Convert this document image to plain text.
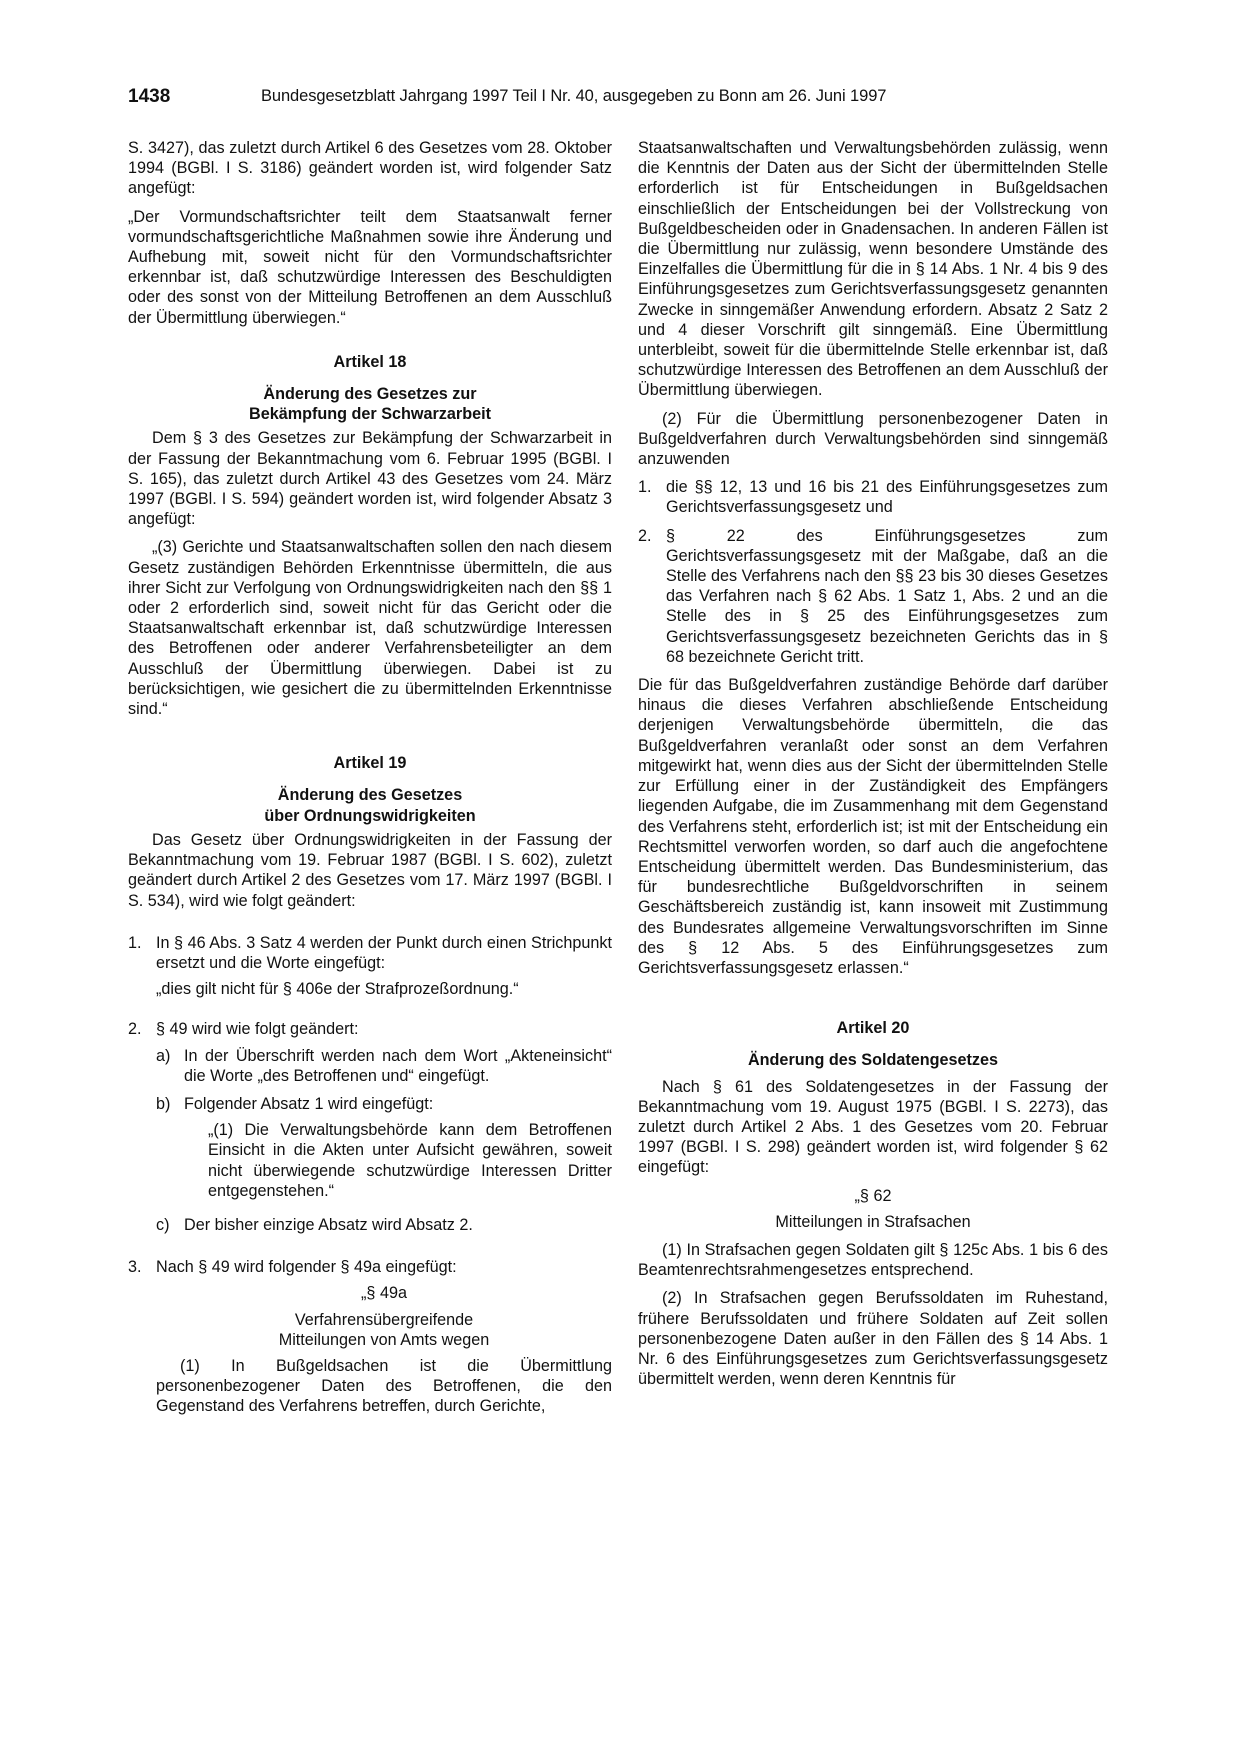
1438	Bundesgesetzblatt Jahrgang 1997 Teil I Nr. 40, ausgegeben zu Bonn am 26. Juni 1997

S. 3427), das zuletzt durch Artikel 6 des Gesetzes vom 28. Oktober 1994 (BGBl. I S. 3186) geändert worden ist, wird folgender Satz angefügt:

„Der Vormundschaftsrichter teilt dem Staatsanwalt ferner vormundschaftsgerichtliche Maßnahmen sowie ihre Änderung und Aufhebung mit, soweit nicht für den Vormundschaftsrichter erkennbar ist, daß schutzwürdige Interessen des Beschuldigten oder des sonst von der Mitteilung Betroffenen an dem Ausschluß der Übermittlung überwiegen.“

Artikel 18
Änderung des Gesetzes zur
Bekämpfung der Schwarzarbeit

Dem § 3 des Gesetzes zur Bekämpfung der Schwarzarbeit in der Fassung der Bekanntmachung vom 6. Februar 1995 (BGBl. I S. 165), das zuletzt durch Artikel 43 des Gesetzes vom 24. März 1997 (BGBl. I S. 594) geändert worden ist, wird folgender Absatz 3 angefügt:

„(3) Gerichte und Staatsanwaltschaften sollen den nach diesem Gesetz zuständigen Behörden Erkenntnisse übermitteln, die aus ihrer Sicht zur Verfolgung von Ordnungswidrigkeiten nach den §§ 1 oder 2 erforderlich sind, soweit nicht für das Gericht oder die Staatsanwaltschaft erkennbar ist, daß schutzwürdige Interessen des Betroffenen oder anderer Verfahrensbeteiligter an dem Ausschluß der Übermittlung überwiegen. Dabei ist zu berücksichtigen, wie gesichert die zu übermittelnden Erkenntnisse sind.“

Artikel 19
Änderung des Gesetzes
über Ordnungswidrigkeiten

Das Gesetz über Ordnungswidrigkeiten in der Fassung der Bekanntmachung vom 19. Februar 1987 (BGBl. I S. 602), zuletzt geändert durch Artikel 2 des Gesetzes vom 17. März 1997 (BGBl. I S. 534), wird wie folgt geändert:

1. In § 46 Abs. 3 Satz 4 werden der Punkt durch einen Strichpunkt ersetzt und die Worte eingefügt:
„dies gilt nicht für § 406e der Strafprozeßordnung.“
2. § 49 wird wie folgt geändert:
a) In der Überschrift werden nach dem Wort „Akteneinsicht“ die Worte „des Betroffenen und“ eingefügt.
b) Folgender Absatz 1 wird eingefügt:
„(1) Die Verwaltungsbehörde kann dem Betroffenen Einsicht in die Akten unter Aufsicht gewähren, soweit nicht überwiegende schutzwürdige Interessen Dritter entgegenstehen.“
c) Der bisher einzige Absatz wird Absatz 2.
3. Nach § 49 wird folgender § 49a eingefügt:
„§ 49a
Verfahrensübergreifende
Mitteilungen von Amts wegen
(1) In Bußgeldsachen ist die Übermittlung personenbezogener Daten des Betroffenen, die den Gegenstand des Verfahrens betreffen, durch Gerichte,

Staatsanwaltschaften und Verwaltungsbehörden zulässig, wenn die Kenntnis der Daten aus der Sicht der übermittelnden Stelle erforderlich ist für Entscheidungen in Bußgeldsachen einschließlich der Entscheidungen bei der Vollstreckung von Bußgeldbescheiden oder in Gnadensachen. In anderen Fällen ist die Übermittlung nur zulässig, wenn besondere Umstände des Einzelfalles die Übermittlung für die in § 14 Abs. 1 Nr. 4 bis 9 des Einführungsgesetzes zum Gerichtsverfassungsgesetz genannten Zwecke in sinngemäßer Anwendung erfordern. Absatz 2 Satz 2 und 4 dieser Vorschrift gilt sinngemäß. Eine Übermittlung unterbleibt, soweit für die übermittelnde Stelle erkennbar ist, daß schutzwürdige Interessen des Betroffenen an dem Ausschluß der Übermittlung überwiegen.

(2) Für die Übermittlung personenbezogener Daten in Bußgeldverfahren durch Verwaltungsbehörden sind sinngemäß anzuwenden

1. die §§ 12, 13 und 16 bis 21 des Einführungsgesetzes zum Gerichtsverfassungsgesetz und
2. § 22 des Einführungsgesetzes zum Gerichtsverfassungsgesetz mit der Maßgabe, daß an die Stelle des Verfahrens nach den §§ 23 bis 30 dieses Gesetzes das Verfahren nach § 62 Abs. 1 Satz 1, Abs. 2 und an die Stelle des in § 25 des Einführungsgesetzes zum Gerichtsverfassungsgesetz bezeichneten Gerichts das in § 68 bezeichnete Gericht tritt.

Die für das Bußgeldverfahren zuständige Behörde darf darüber hinaus die dieses Verfahren abschließende Entscheidung derjenigen Verwaltungsbehörde übermitteln, die das Bußgeldverfahren veranlaßt oder sonst an dem Verfahren mitgewirkt hat, wenn dies aus der Sicht der übermittelnden Stelle zur Erfüllung einer in der Zuständigkeit des Empfängers liegenden Aufgabe, die im Zusammenhang mit dem Gegenstand des Verfahrens steht, erforderlich ist; ist mit der Entscheidung ein Rechtsmittel verworfen worden, so darf auch die angefochtene Entscheidung übermittelt werden. Das Bundesministerium, das für bundesrechtliche Bußgeldvorschriften in seinem Geschäftsbereich zuständig ist, kann insoweit mit Zustimmung des Bundesrates allgemeine Verwaltungsvorschriften im Sinne des § 12 Abs. 5 des Einführungsgesetzes zum Gerichtsverfassungsgesetz erlassen.“

Artikel 20
Änderung des Soldatengesetzes

Nach § 61 des Soldatengesetzes in der Fassung der Bekanntmachung vom 19. August 1975 (BGBl. I S. 2273), das zuletzt durch Artikel 2 Abs. 1 des Gesetzes vom 20. Februar 1997 (BGBl. I S. 298) geändert worden ist, wird folgender § 62 eingefügt:

„§ 62
Mitteilungen in Strafsachen

(1) In Strafsachen gegen Soldaten gilt § 125c Abs. 1 bis 6 des Beamtenrechtsrahmengesetzes entsprechend.

(2) In Strafsachen gegen Berufssoldaten im Ruhestand, frühere Berufssoldaten und frühere Soldaten auf Zeit sollen personenbezogene Daten außer in den Fällen des § 14 Abs. 1 Nr. 6 des Einführungsgesetzes zum Gerichtsverfassungsgesetz übermittelt werden, wenn deren Kenntnis für
